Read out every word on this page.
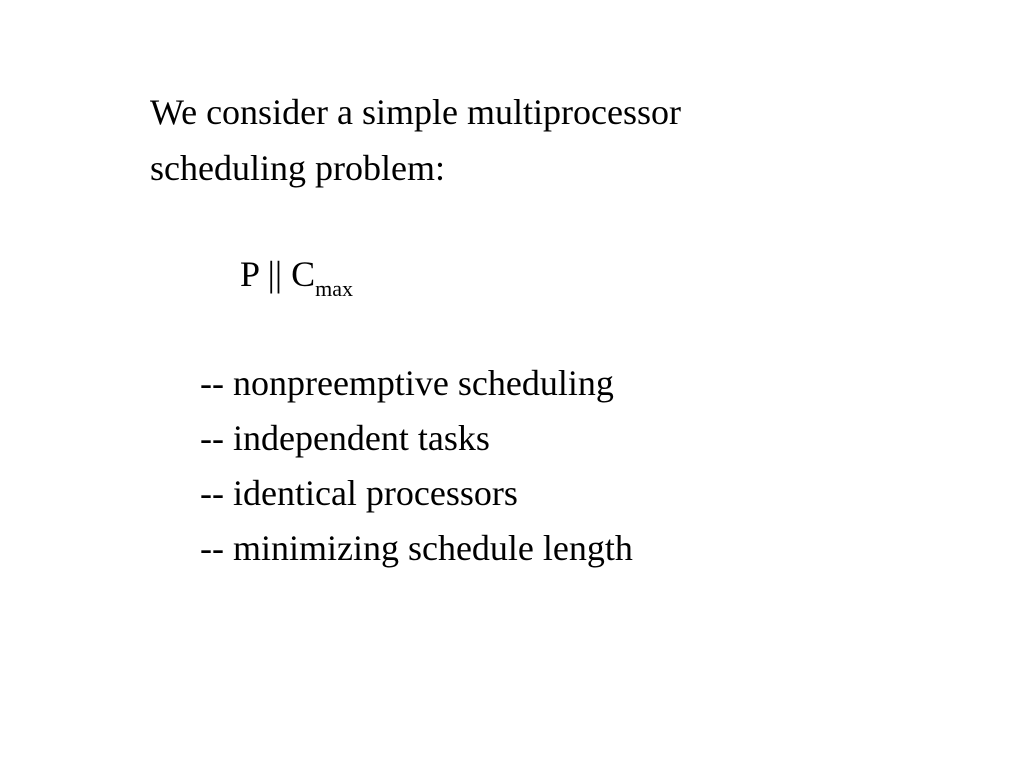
We consider a simple multiprocessor
scheduling problem:

P || $C_{max}$
-- nonpreemptive scheduling
-- independent tasks
-- identical processors
-- minimizing schedule length
